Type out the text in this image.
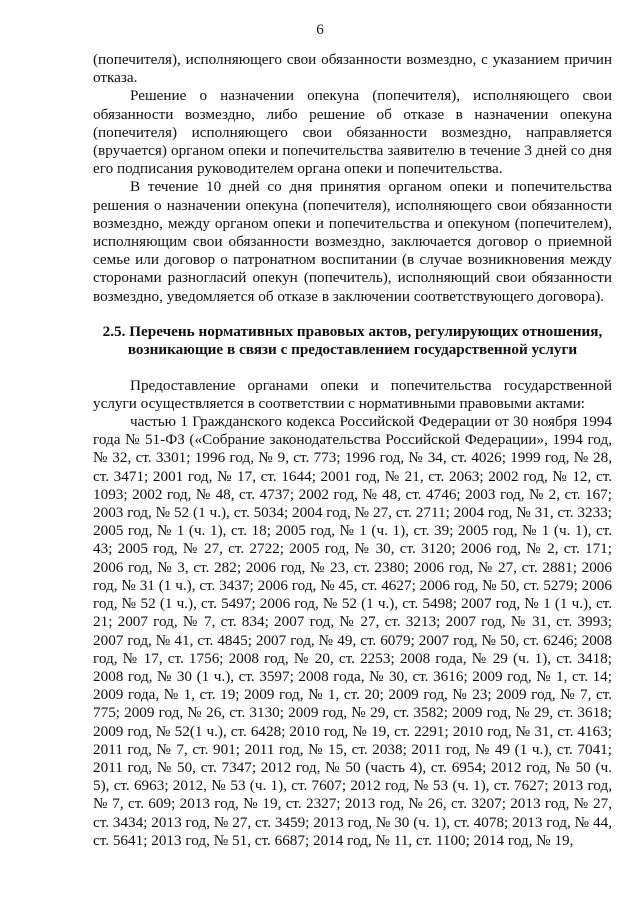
6

(попечителя), исполняющего свои обязанности возмездно, с указанием причин отказа.

Решение о назначении опекуна (попечителя), исполняющего свои обязанности возмездно, либо решение об отказе в назначении опекуна (попечителя) исполняющего свои обязанности возмездно, направляется (вручается) органом опеки и попечительства заявителю в течение 3 дней со дня его подписания руководителем органа опеки и попечительства.

В течение 10 дней со дня принятия органом опеки и попечительства решения о назначении опекуна (попечителя), исполняющего свои обязанности возмездно, между органом опеки и попечительства и опекуном (попечителем), исполняющим свои обязанности возмездно, заключается договор о приемной семье или договор о патронатном воспитании (в случае возникновения между сторонами разногласий опекун (попечитель), исполняющий свои обязанности возмездно, уведомляется об отказе в заключении соответствующего договора).

2.5. Перечень нормативных правовых актов, регулирующих отношения, возникающие в связи с предоставлением государственной услуги

Предоставление органами опеки и попечительства государственной услуги осуществляется в соответствии с нормативными правовыми актами:

частью 1 Гражданского кодекса Российской Федерации от 30 ноября 1994 года № 51-ФЗ («Собрание законодательства Российской Федерации», 1994 год, № 32, ст. 3301; 1996 год, № 9, ст. 773; 1996 год, № 34, ст. 4026; 1999 год, № 28, ст. 3471; 2001 год, № 17, ст. 1644; 2001 год, № 21, ст. 2063; 2002 год, № 12, ст. 1093; 2002 год, № 48, ст. 4737; 2002 год, № 48, ст. 4746; 2003 год, № 2, ст. 167; 2003 год, № 52 (1 ч.), ст. 5034; 2004 год, № 27, ст. 2711; 2004 год, № 31, ст. 3233; 2005 год, № 1 (ч. 1), ст. 18; 2005 год, № 1 (ч. 1), ст. 39; 2005 год, № 1 (ч. 1), ст. 43; 2005 год, № 27, ст. 2722; 2005 год, № 30, ст. 3120; 2006 год, № 2, ст. 171; 2006 год, № 3, ст. 282; 2006 год, № 23, ст. 2380; 2006 год, № 27, ст. 2881; 2006 год, № 31 (1 ч.), ст. 3437; 2006 год, № 45, ст. 4627; 2006 год, № 50, ст. 5279; 2006 год, № 52 (1 ч.), ст. 5497; 2006 год, № 52 (1 ч.), ст. 5498; 2007 год, № 1 (1 ч.), ст. 21; 2007 год, № 7, ст. 834; 2007 год, № 27, ст. 3213; 2007 год, № 31, ст. 3993; 2007 год, № 41, ст. 4845; 2007 год, № 49, ст. 6079; 2007 год, № 50, ст. 6246; 2008 год, № 17, ст. 1756; 2008 год, № 20, ст. 2253; 2008 года, № 29 (ч. 1), ст. 3418; 2008 год, № 30 (1 ч.), ст. 3597; 2008 года, № 30, ст. 3616; 2009 год, № 1, ст. 14; 2009 года, № 1, ст. 19; 2009 год, № 1, ст. 20; 2009 год, № 23; 2009 год, № 7, ст. 775; 2009 год, № 26, ст. 3130; 2009 год, № 29, ст. 3582; 2009 год, № 29, ст. 3618; 2009 год, № 52(1 ч.), ст. 6428; 2010 год, № 19, ст. 2291; 2010 год, № 31, ст. 4163; 2011 год, № 7, ст. 901; 2011 год, № 15, ст. 2038; 2011 год, № 49 (1 ч.), ст. 7041; 2011 год, № 50, ст. 7347; 2012 год, № 50 (часть 4), ст. 6954; 2012 год, № 50 (ч. 5), ст. 6963; 2012, № 53 (ч. 1), ст. 7607; 2012 год, № 53 (ч. 1), ст. 7627; 2013 год, № 7, ст. 609; 2013 год, № 19, ст. 2327; 2013 год, № 26, ст. 3207; 2013 год, № 27, ст. 3434; 2013 год, № 27, ст. 3459; 2013 год, № 30 (ч. 1), ст. 4078; 2013 год, № 44, ст. 5641; 2013 год, № 51, ст. 6687; 2014 год, № 11, ст. 1100; 2014 год, № 19,
